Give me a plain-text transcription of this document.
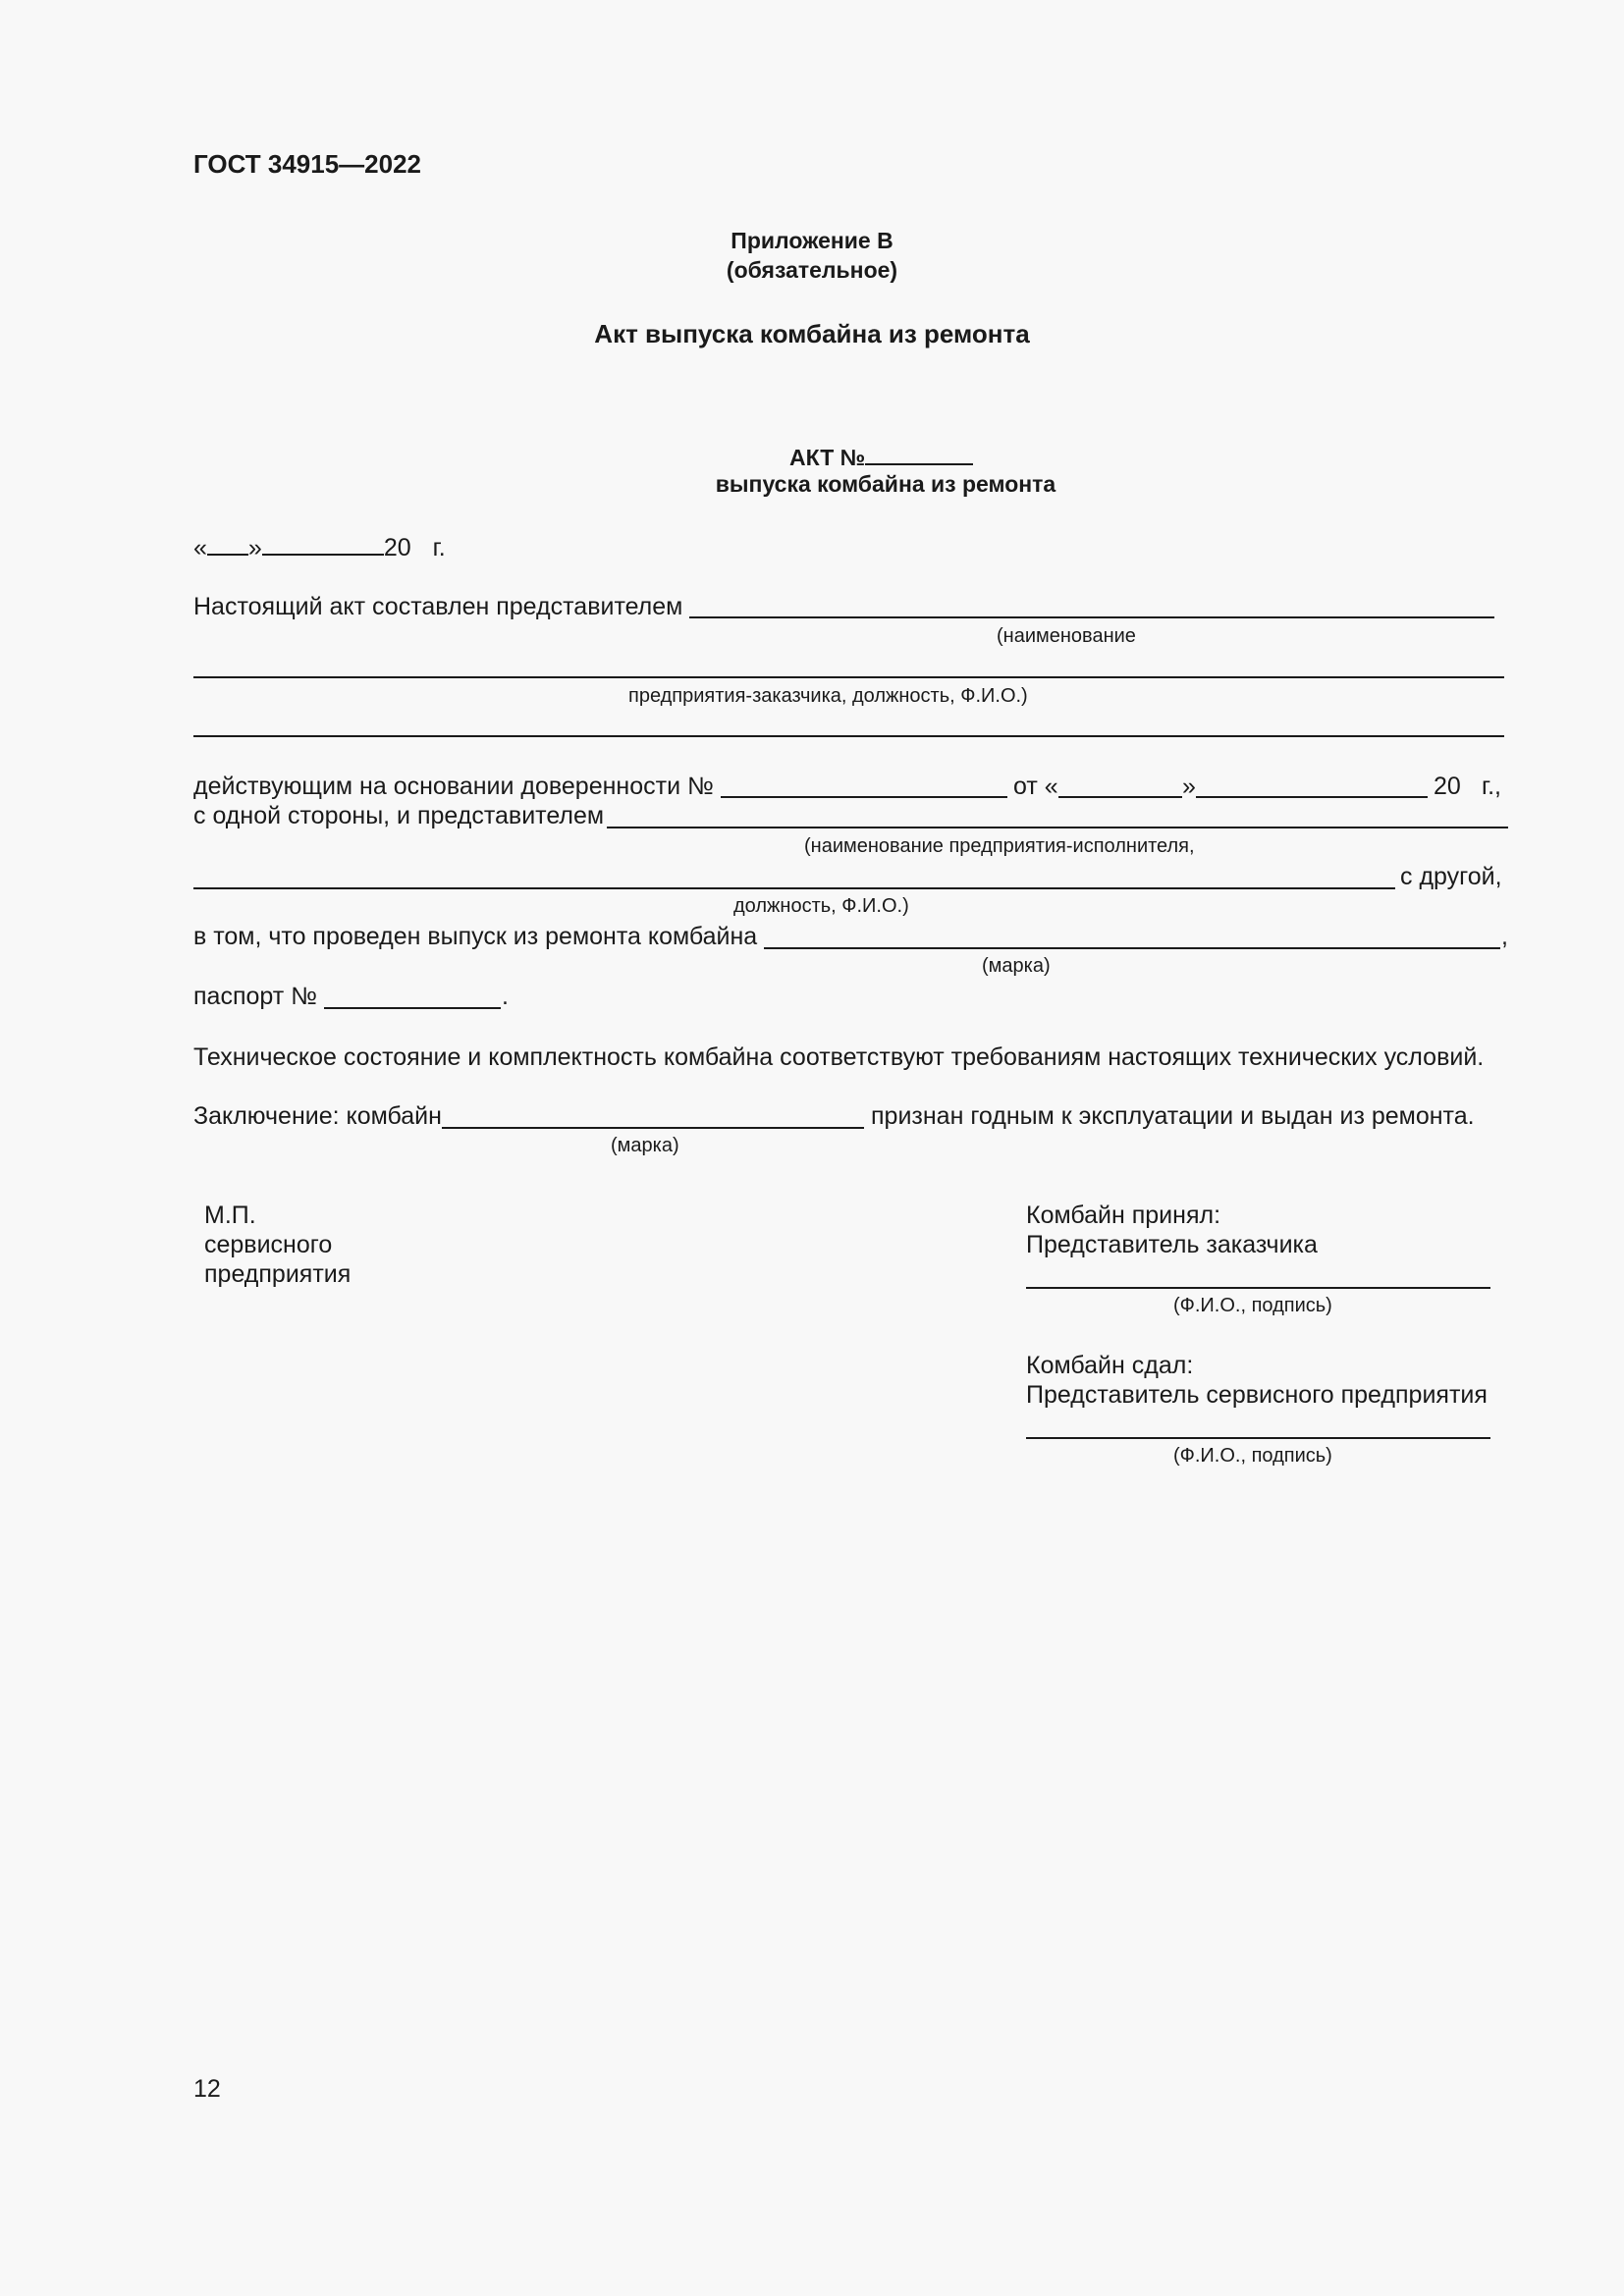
ГОСТ 34915—2022
Приложение В
(обязательное)
Акт выпуска комбайна из ремонта
АКТ №
выпуска комбайна из ремонта
« »	20 г.
Настоящий акт составлен представителем
(наименование
предприятия-заказчика, должность, Ф.И.О.)
действующим на основании доверенности №	от «	»	20 г.,
с одной стороны, и представителем
(наименование предприятия-исполнителя,
с другой,
должность, Ф.И.О.)
в том, что проведен выпуск из ремонта комбайна	,
(марка)
паспорт №	.
Техническое состояние и комплектность комбайна соответствуют требованиям настоящих технических условий.
Заключение: комбайн	признан годным к эксплуатации и выдан из ремонта.
(марка)
М.П.
сервисного
предприятия
Комбайн принял:
Представитель заказчика
(Ф.И.О., подпись)
Комбайн сдал:
Представитель сервисного предприятия
(Ф.И.О., подпись)
12
